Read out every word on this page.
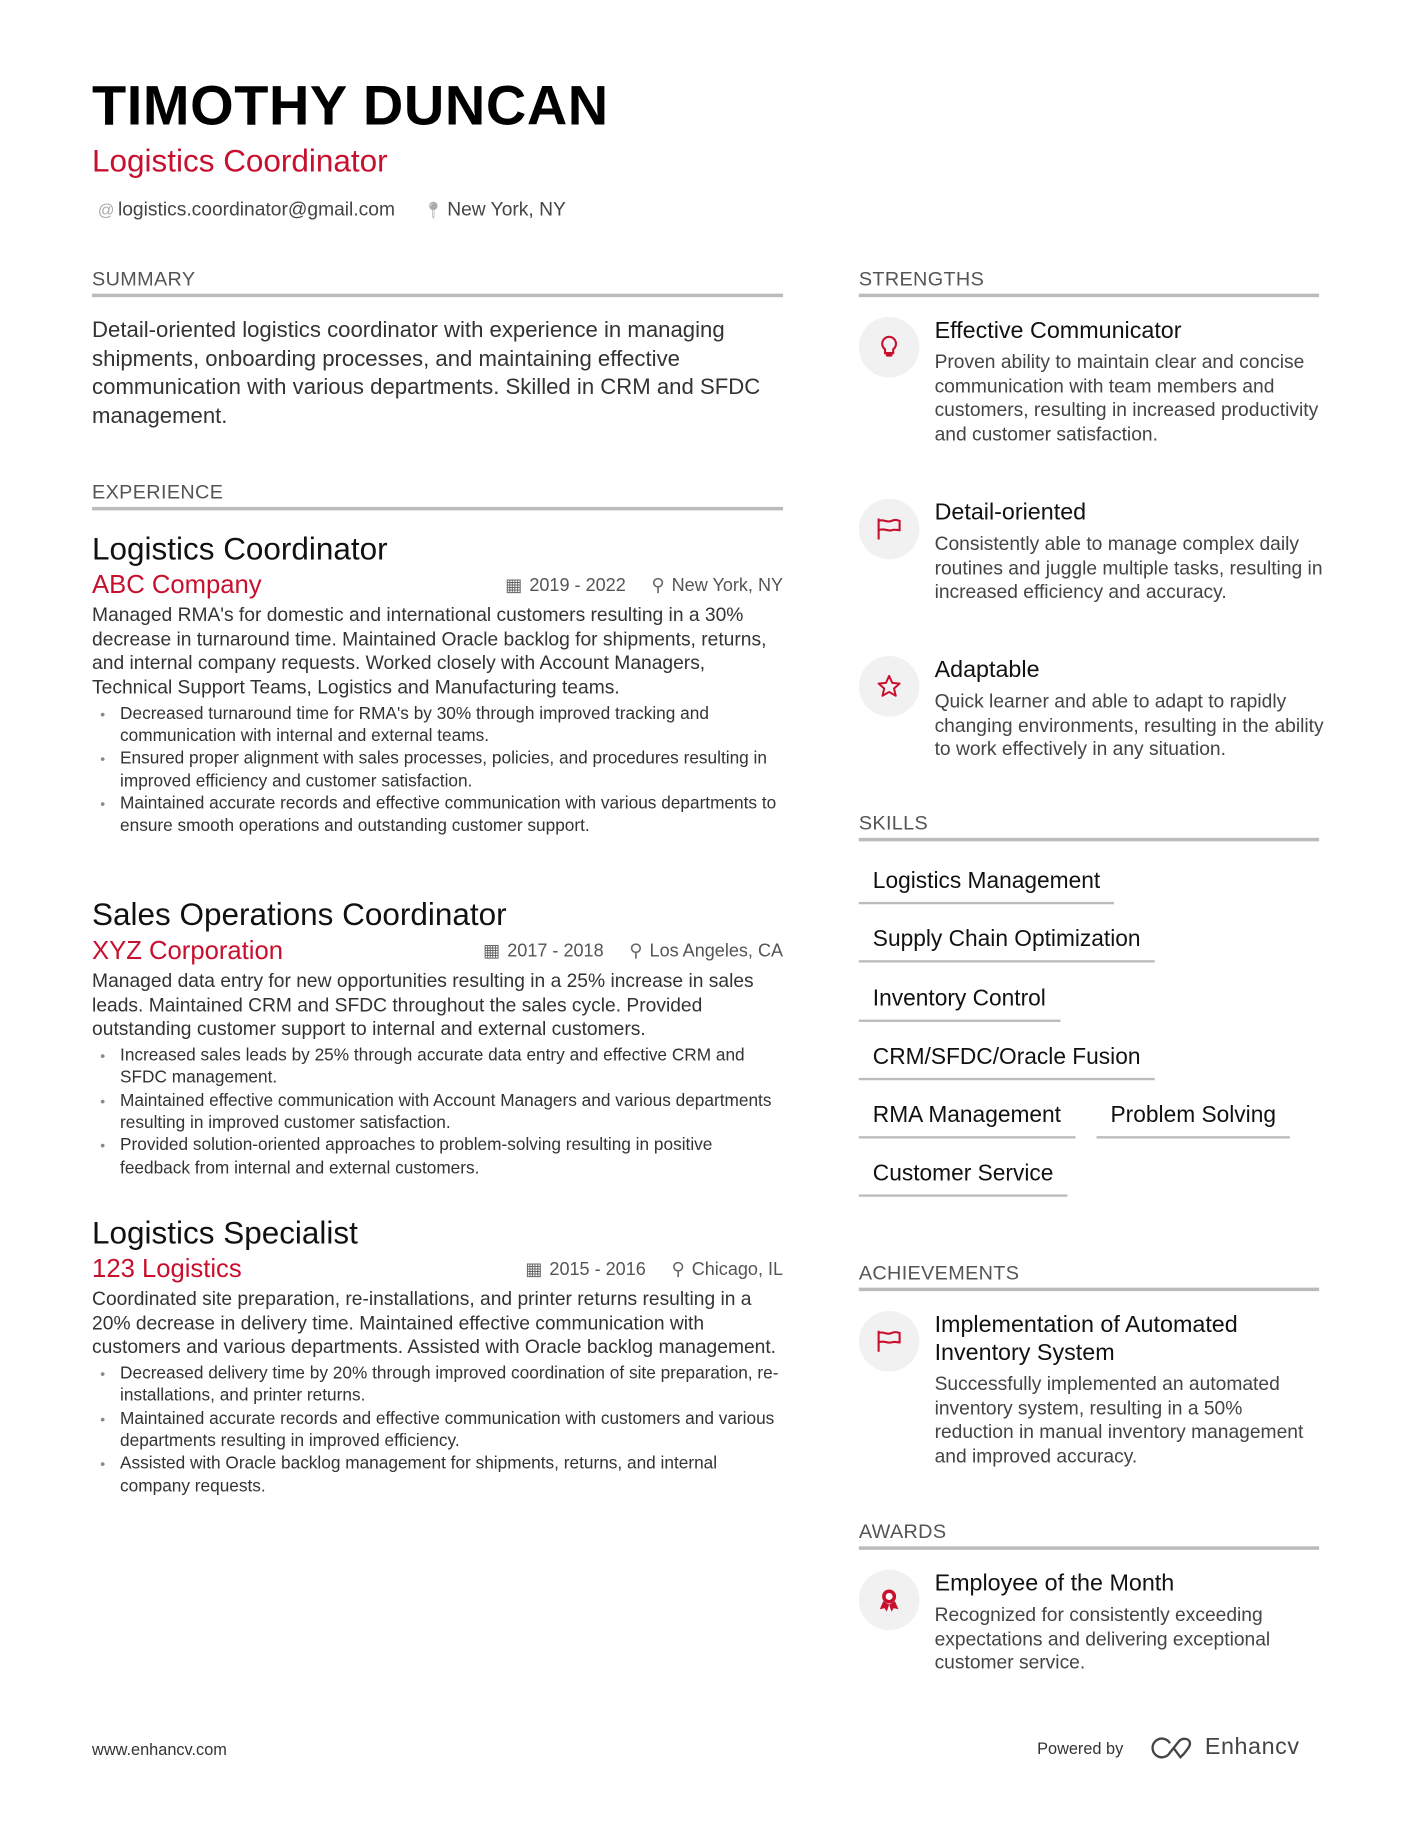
TIMOTHY DUNCAN
Logistics Coordinator
@ logistics.coordinator@gmail.com 📍︎ New York, NY
SUMMARY
Detail-oriented logistics coordinator with experience in managing shipments, onboarding processes, and maintaining effective communication with various departments. Skilled in CRM and SFDC management.
EXPERIENCE
Logistics Coordinator
ABC Company	▦ 2019 - 2022 ⚲ New York, NY
Managed RMA's for domestic and international customers resulting in a 30% decrease in turnaround time. Maintained Oracle backlog for shipments, returns, and internal company requests. Worked closely with Account Managers, Technical Support Teams, Logistics and Manufacturing teams.
• Decreased turnaround time for RMA's by 30% through improved tracking and communication with internal and external teams.
• Ensured proper alignment with sales processes, policies, and procedures resulting in improved efficiency and customer satisfaction.
• Maintained accurate records and effective communication with various departments to ensure smooth operations and outstanding customer support.
Sales Operations Coordinator
XYZ Corporation	▦ 2017 - 2018 ⚲ Los Angeles, CA
Managed data entry for new opportunities resulting in a 25% increase in sales leads. Maintained CRM and SFDC throughout the sales cycle. Provided outstanding customer support to internal and external customers.
• Increased sales leads by 25% through accurate data entry and effective CRM and SFDC management.
• Maintained effective communication with Account Managers and various departments resulting in improved customer satisfaction.
• Provided solution-oriented approaches to problem-solving resulting in positive feedback from internal and external customers.
Logistics Specialist
123 Logistics	▦ 2015 - 2016 ⚲ Chicago, IL
Coordinated site preparation, re-installations, and printer returns resulting in a 20% decrease in delivery time. Maintained effective communication with customers and various departments. Assisted with Oracle backlog management.
• Decreased delivery time by 20% through improved coordination of site preparation, re-installations, and printer returns.
• Maintained accurate records and effective communication with customers and various departments resulting in improved efficiency.
• Assisted with Oracle backlog management for shipments, returns, and internal company requests.
STRENGTHS
Effective Communicator
Proven ability to maintain clear and concise communication with team members and customers, resulting in increased productivity and customer satisfaction.
Detail-oriented
Consistently able to manage complex daily routines and juggle multiple tasks, resulting in increased efficiency and accuracy.
Adaptable
Quick learner and able to adapt to rapidly changing environments, resulting in the ability to work effectively in any situation.
SKILLS
Logistics Management
Supply Chain Optimization
Inventory Control
CRM/SFDC/Oracle Fusion
RMA Management	Problem Solving
Customer Service
ACHIEVEMENTS
Implementation of Automated Inventory System
Successfully implemented an automated inventory system, resulting in a 50% reduction in manual inventory management and improved accuracy.
AWARDS
Employee of the Month
Recognized for consistently exceeding expectations and delivering exceptional customer service.
www.enhancv.com	Powered by	Enhancv
